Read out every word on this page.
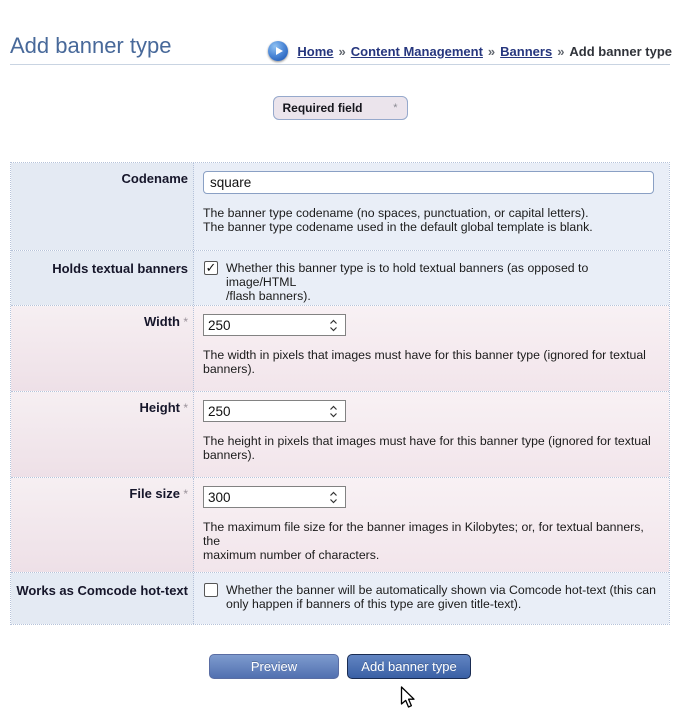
Home » Content Management » Banners » Add banner type
Add banner type
Required field	*
Codename	square
The banner type codename (no spaces, punctuation, or capital letters).
The banner type codename used in the default global template is blank.
Holds textual banners	✓ Whether this banner type is to hold textual banners (as opposed to image/HTML
/flash banners).
Width *	250
The width in pixels that images must have for this banner type (ignored for textual
banners).
Height *	250
The height in pixels that images must have for this banner type (ignored for textual
banners).
File size *	300
The maximum file size for the banner images in Kilobytes; or, for textual banners, the
maximum number of characters.
Works as Comcode hot-text	Whether the banner will be automatically shown via Comcode hot-text (this can
only happen if banners of this type are given title-text).
Preview	Add banner type
